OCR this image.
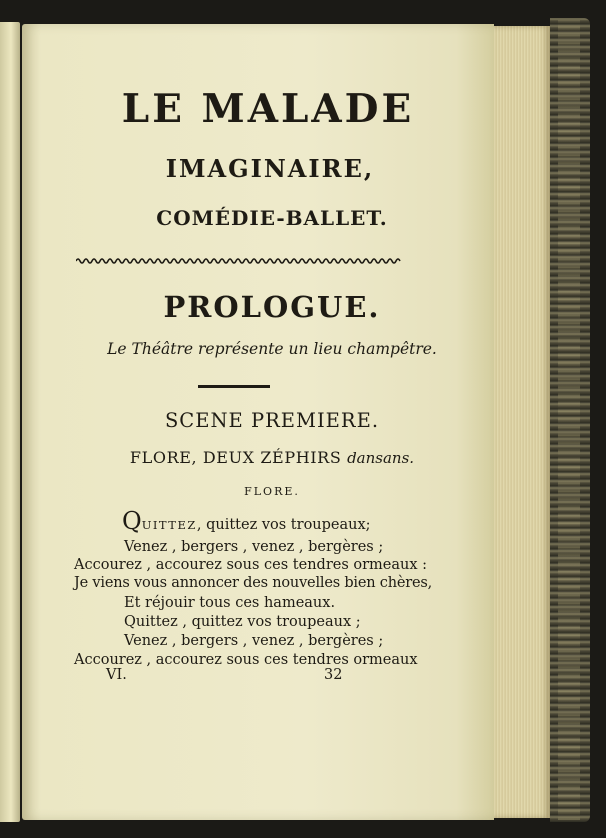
LE MALADE
IMAGINAIRE,
COMÉDIE-BALLET.
PROLOGUE.
Le Théâtre représente un lieu champêtre.
SCENE PREMIERE.
FLORE, DEUX ZÉPHIRS dansans.
FLORE.
QUITTEZ, quittez vos troupeaux;
Venez , bergers , venez , bergères ;
Accourez , accourez sous ces tendres ormeaux :
Je viens vous annoncer des nouvelles bien chères,
Et réjouir tous ces hameaux.
Quittez , quittez vos troupeaux ;
Venez , bergers , venez , bergères ;
Accourez , accourez sous ces tendres ormeaux
VI.	32
